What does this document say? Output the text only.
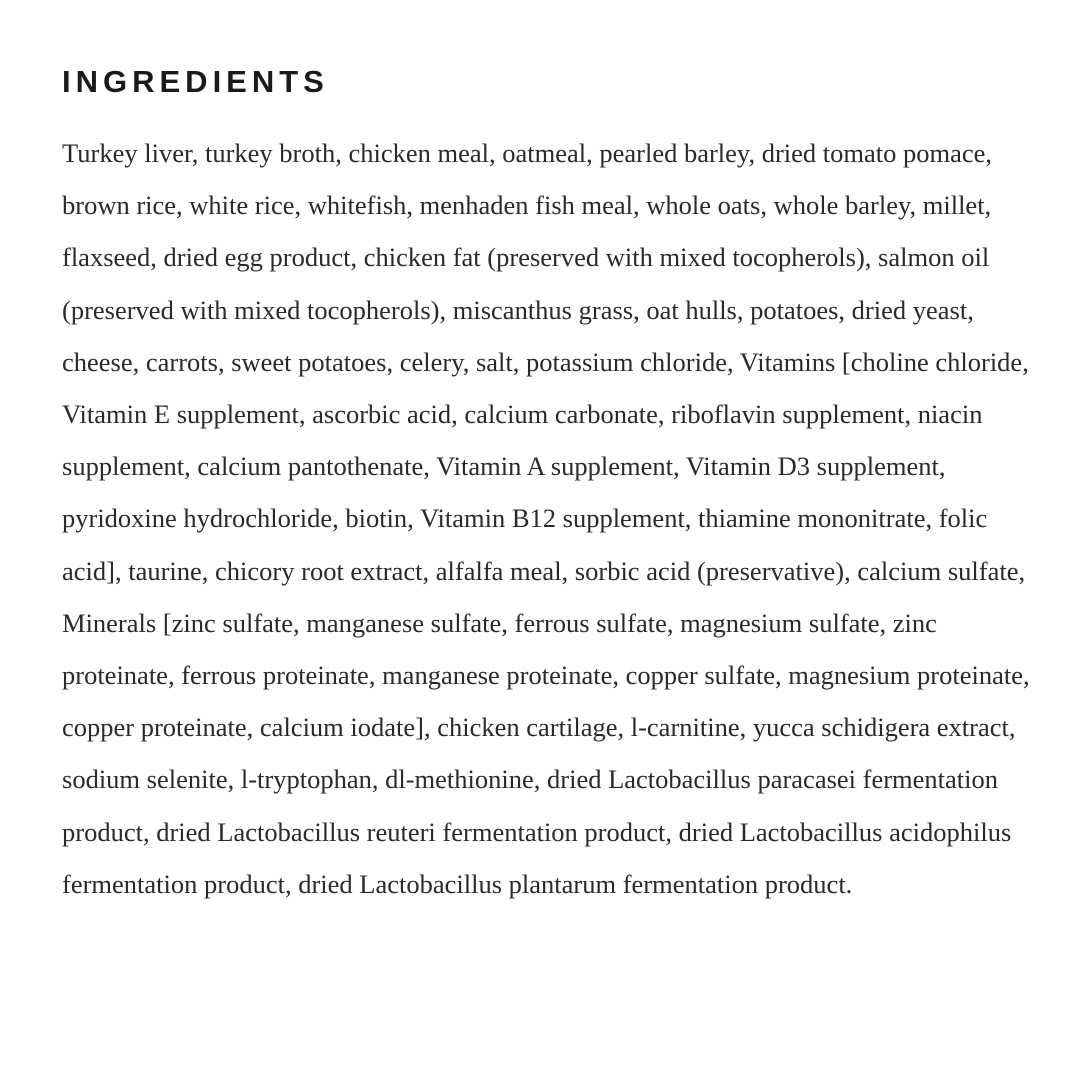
INGREDIENTS

Turkey liver, turkey broth, chicken meal, oatmeal, pearled barley, dried tomato pomace, brown rice, white rice, whitefish, menhaden fish meal, whole oats, whole barley, millet, flaxseed, dried egg product, chicken fat (preserved with mixed tocopherols), salmon oil (preserved with mixed tocopherols), miscanthus grass, oat hulls, potatoes, dried yeast, cheese, carrots, sweet potatoes, celery, salt, potassium chloride, Vitamins [choline chloride, Vitamin E supplement, ascorbic acid, calcium carbonate, riboflavin supplement, niacin supplement, calcium pantothenate, Vitamin A supplement, Vitamin D3 supplement, pyridoxine hydrochloride, biotin, Vitamin B12 supplement, thiamine mononitrate, folic acid], taurine, chicory root extract, alfalfa meal, sorbic acid (preservative), calcium sulfate, Minerals [zinc sulfate, manganese sulfate, ferrous sulfate, magnesium sulfate, zinc proteinate, ferrous proteinate, manganese proteinate, copper sulfate, magnesium proteinate, copper proteinate, calcium iodate], chicken cartilage, l-carnitine, yucca schidigera extract, sodium selenite, l-tryptophan, dl-methionine, dried Lactobacillus paracasei fermentation product, dried Lactobacillus reuteri fermentation product, dried Lactobacillus acidophilus fermentation product, dried Lactobacillus plantarum fermentation product.
